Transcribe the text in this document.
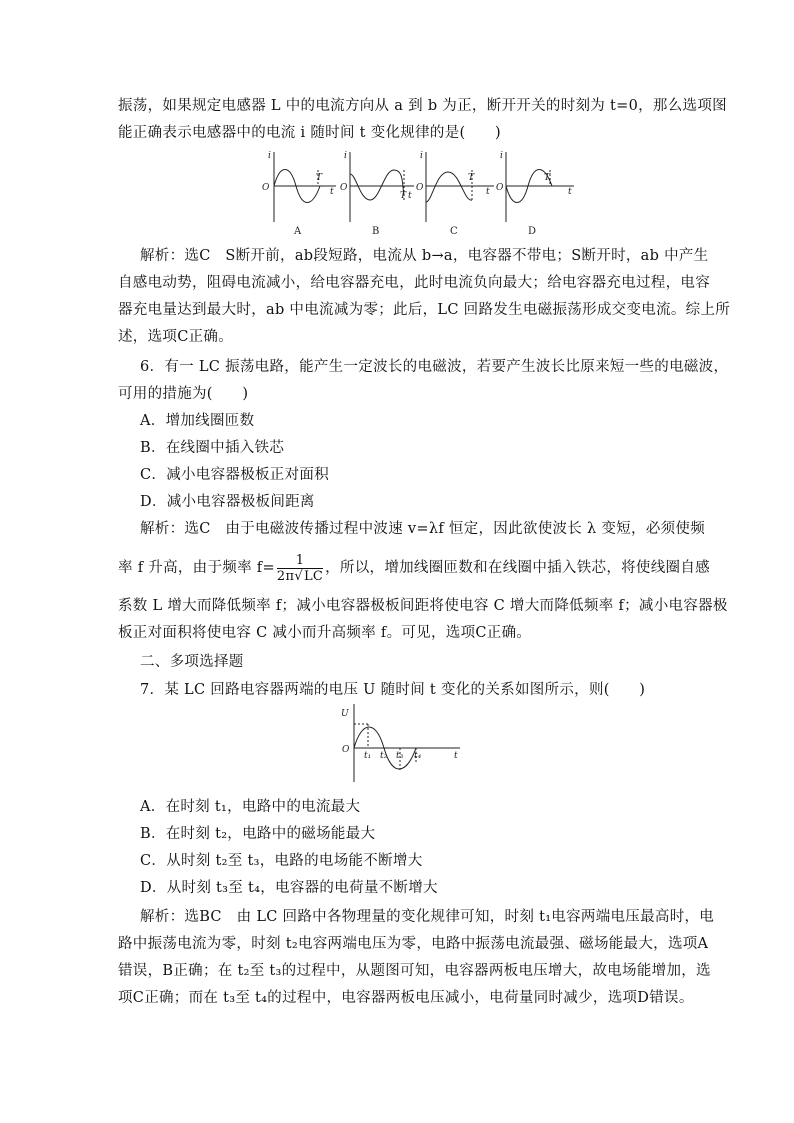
振荡，如果规定电感器 L 中的电流方向从 a 到 b 为正，断开开关的时刻为 t=0，那么选项图
能正确表示电感器中的电流 i 随时间 t 变化规律的是(　　)
i
O
T
t
i
O
T t
i
O
T
t
i
O
T
t
A	B	C	D
解析：选C　S断开前，ab段短路，电流从 b→a，电容器不带电；S断开时，ab 中产生
自感电动势，阻碍电流减小，给电容器充电，此时电流负向最大；给电容器充电过程，电容
器充电量达到最大时，ab 中电流减为零；此后，LC 回路发生电磁振荡形成交变电流。综上所
述，选项C正确。
6．有一 LC 振荡电路，能产生一定波长的电磁波，若要产生波长比原来短一些的电磁波，
可用的措施为(　　)
A．增加线圈匝数
B．在线圈中插入铁芯
C．减小电容器极板正对面积
D．减小电容器极板间距离
解析：选C　由于电磁波传播过程中波速 v=λf 恒定，因此欲使波长 λ 变短，必须使频
率 f 升高，由于频率 $f= \frac{1}{2\pi√LC}$ ，所以，增加线圈匝数和在线圈中插入铁芯，将使线圈自感
系数 L 增大而降低频率 f；减小电容器极板间距将使电容 C 增大而降低频率 f；减小电容器极
板正对面积将使电容 C 减小而升高频率 f。可见，选项C正确。
二、多项选择题
7．某 LC 回路电容器两端的电压 U 随时间 t 变化的关系如图所示，则(　　)
U
O
t₁ t₂ t₃ t₄	t
A．在时刻 t₁，电路中的电流最大
B．在时刻 t₂，电路中的磁场能最大
C．从时刻 t₂至 t₃，电路的电场能不断增大
D．从时刻 t₃至 t₄，电容器的电荷量不断增大
解析：选BC　由 LC 回路中各物理量的变化规律可知，时刻 t₁电容两端电压最高时，电
路中振荡电流为零，时刻 t₂电容两端电压为零，电路中振荡电流最强、磁场能最大，选项A
错误，B正确；在 t₂至 t₃的过程中，从题图可知，电容器两板电压增大，故电场能增加，选
项C正确；而在 t₃至 t₄的过程中，电容器两板电压减小，电荷量同时减少，选项D错误。
